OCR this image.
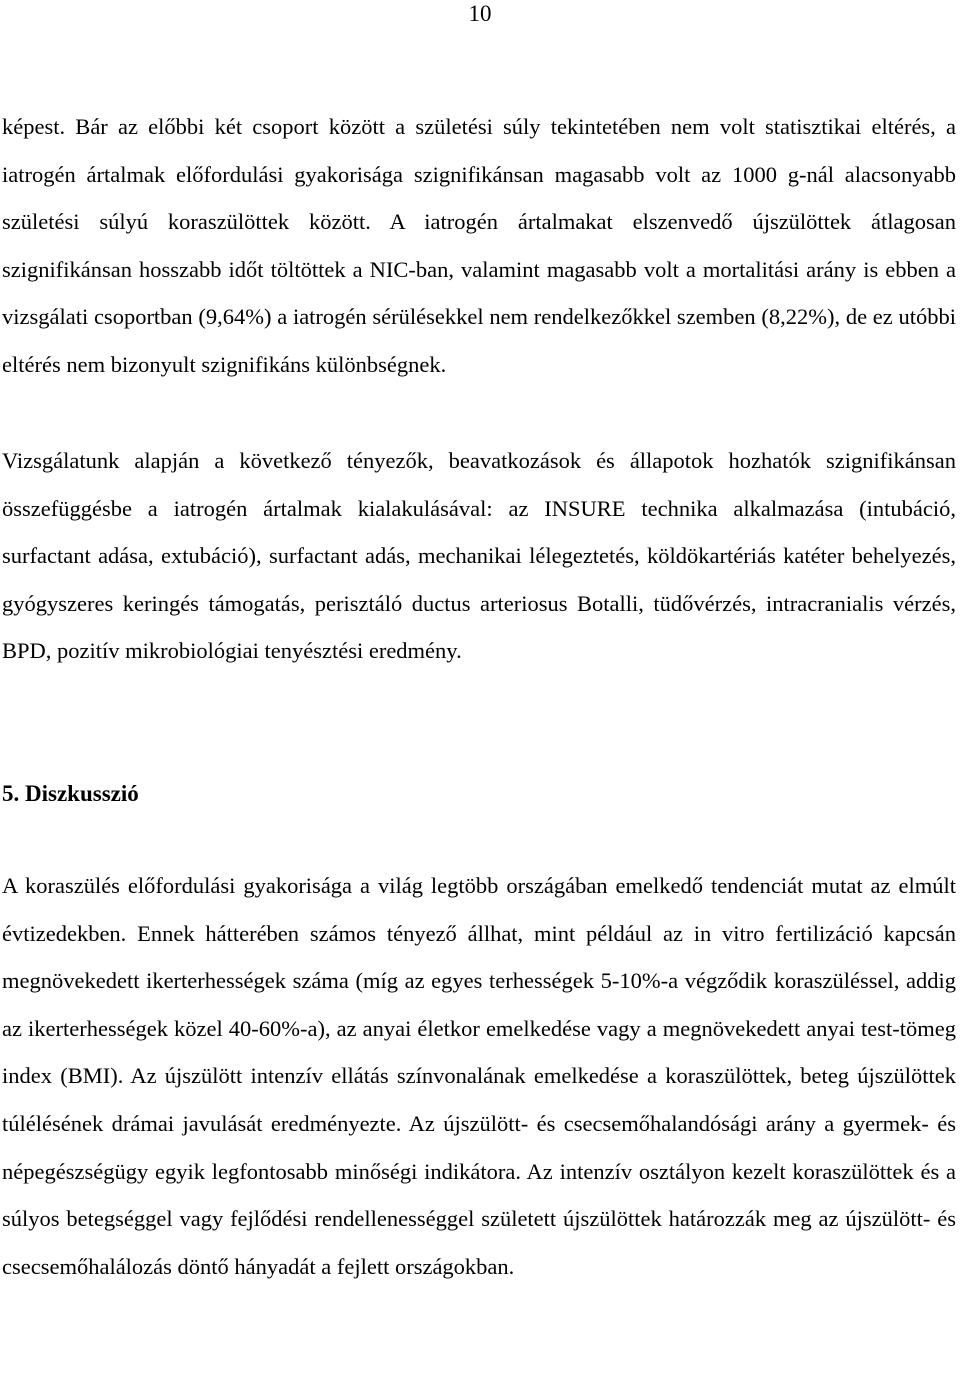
10

képest. Bár az előbbi két csoport között a születési súly tekintetében nem volt statisztikai eltérés, a iatrogén ártalmak előfordulási gyakorisága szignifikánsan magasabb volt az 1000 g-nál alacsonyabb születési súlyú koraszülöttek között. A iatrogén ártalmakat elszenvedő újszülöttek átlagosan szignifikánsan hosszabb időt töltöttek a NIC-ban, valamint magasabb volt a mortalitási arány is ebben a vizsgálati csoportban (9,64%) a iatrogén sérülésekkel nem rendelkezőkkel szemben (8,22%), de ez utóbbi eltérés nem bizonyult szignifikáns különbségnek.

Vizsgálatunk alapján a következő tényezők, beavatkozások és állapotok hozhatók szignifikánsan összefüggésbe a iatrogén ártalmak kialakulásával: az INSURE technika alkalmazása (intubáció, surfactant adása, extubáció), surfactant adás, mechanikai lélegeztetés, köldökartériás katéter behelyezés, gyógyszeres keringés támogatás, perisztáló ductus arteriosus Botalli, tüdővérzés, intracranialis vérzés, BPD, pozitív mikrobiológiai tenyésztési eredmény.

5. Diszkusszió

A koraszülés előfordulási gyakorisága a világ legtöbb országában emelkedő tendenciát mutat az elmúlt évtizedekben. Ennek hátterében számos tényező állhat, mint például az in vitro fertilizáció kapcsán megnövekedett ikerterhességek száma (míg az egyes terhességek 5-10%-a végződik koraszüléssel, addig az ikerterhességek közel 40-60%-a), az anyai életkor emelkedése vagy a megnövekedett anyai test-tömeg index (BMI). Az újszülött intenzív ellátás színvonalának emelkedése a koraszülöttek, beteg újszülöttek túlélésének drámai javulását eredményezte. Az újszülött- és csecsemőhalandósági arány a gyermek- és népegészségügy egyik legfontosabb minőségi indikátora. Az intenzív osztályon kezelt koraszülöttek és a súlyos betegséggel vagy fejlődési rendellenességgel született újszülöttek határozzák meg az újszülött- és csecsemőhalálozás döntő hányadát a fejlett országokban.
